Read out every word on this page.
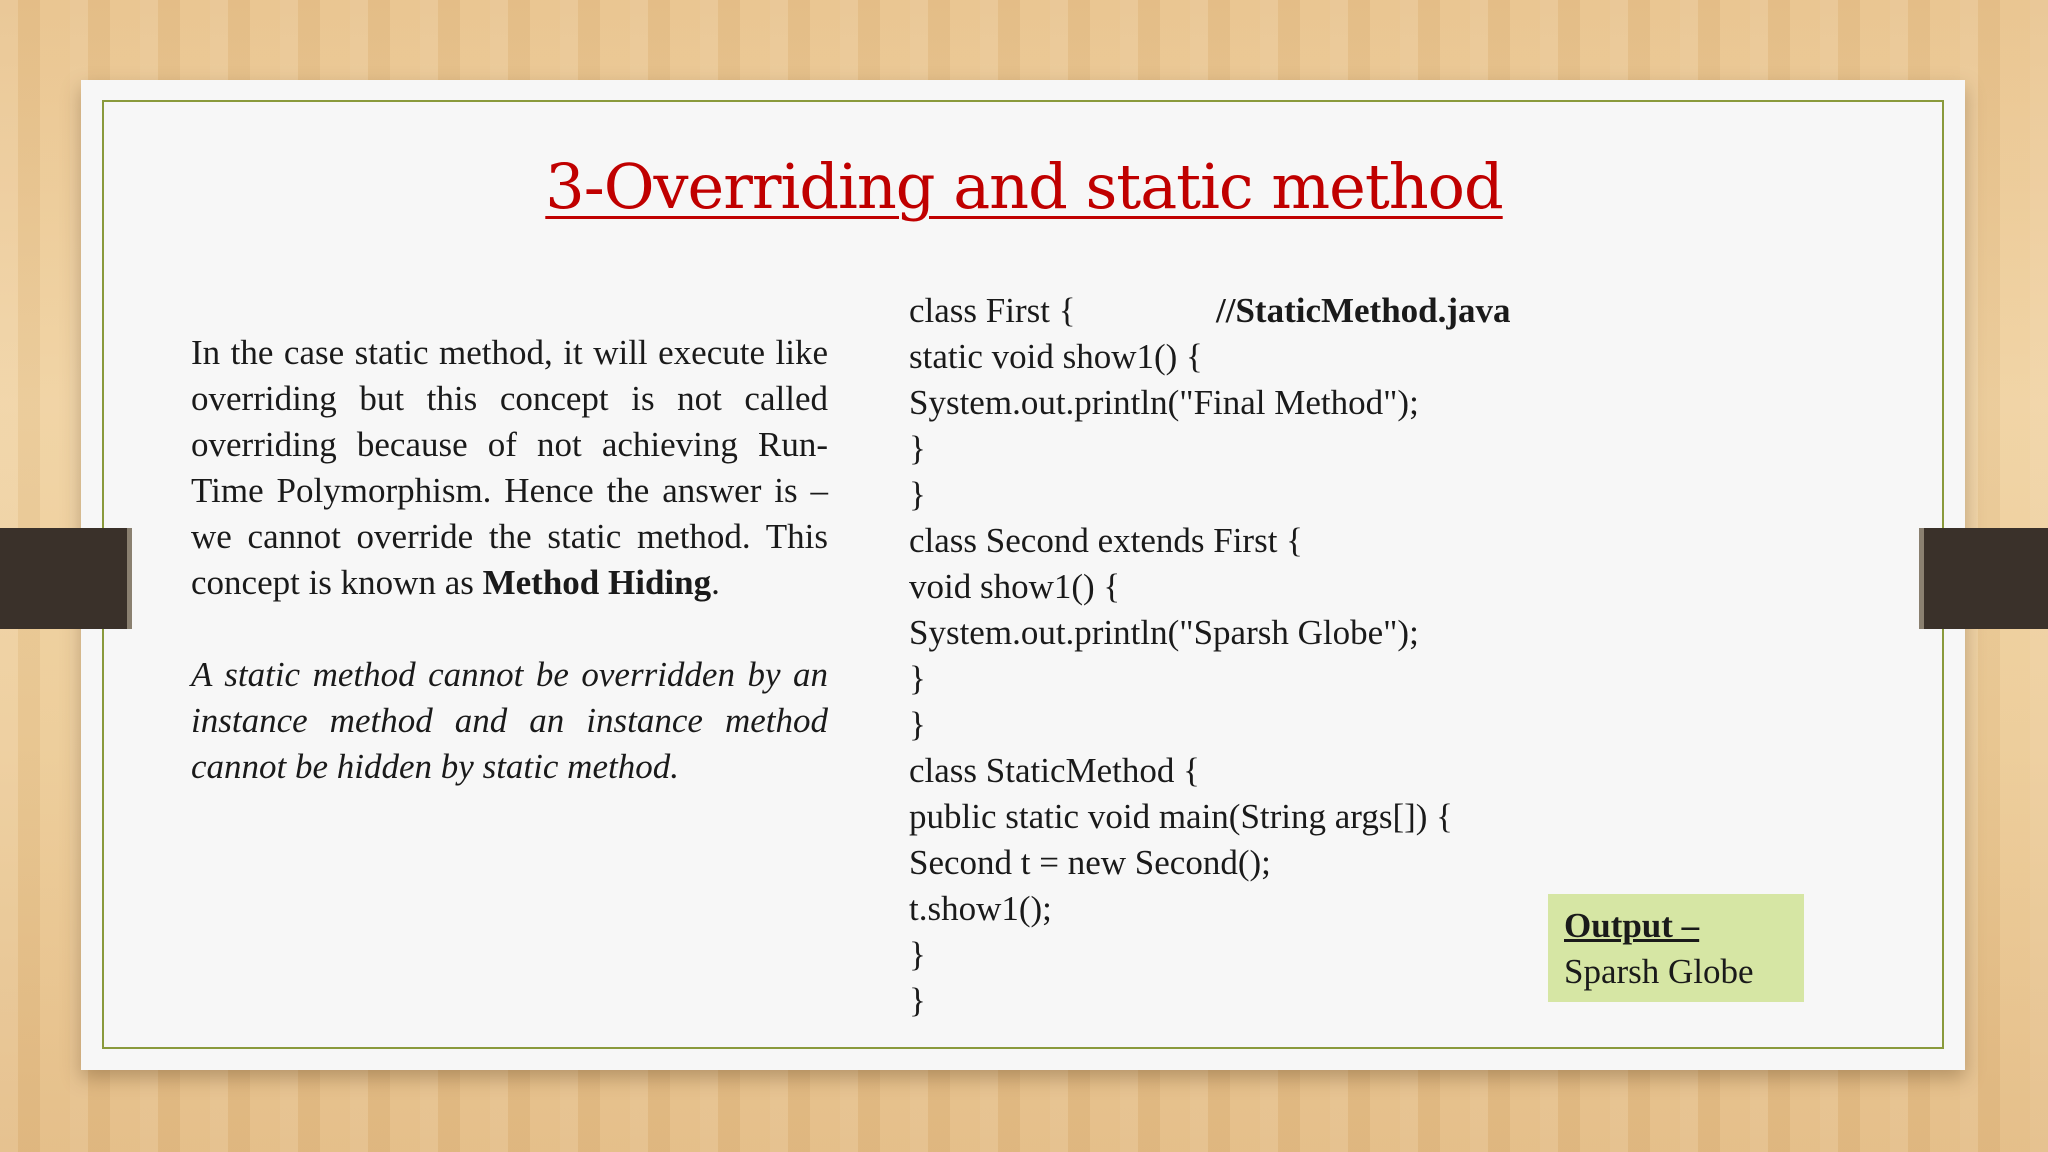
3-Overriding and static method

In the case static method, it will execute like overriding but this concept is not called overriding because of not achieving Run-Time Polymorphism. Hence the answer is – we cannot override the static method. This concept is known as Method Hiding.

A static method cannot be overridden by an instance method and an instance method cannot be hidden by static method.

class First {
static void show1() {
System.out.println("Final Method");
}
}
class Second extends First {
void show1() {
System.out.println("Sparsh Globe");
}
}
class StaticMethod {
public static void main(String args[]) {
Second t = new Second();
t.show1();
}
}
//StaticMethod.java
Output –
Sparsh Globe
